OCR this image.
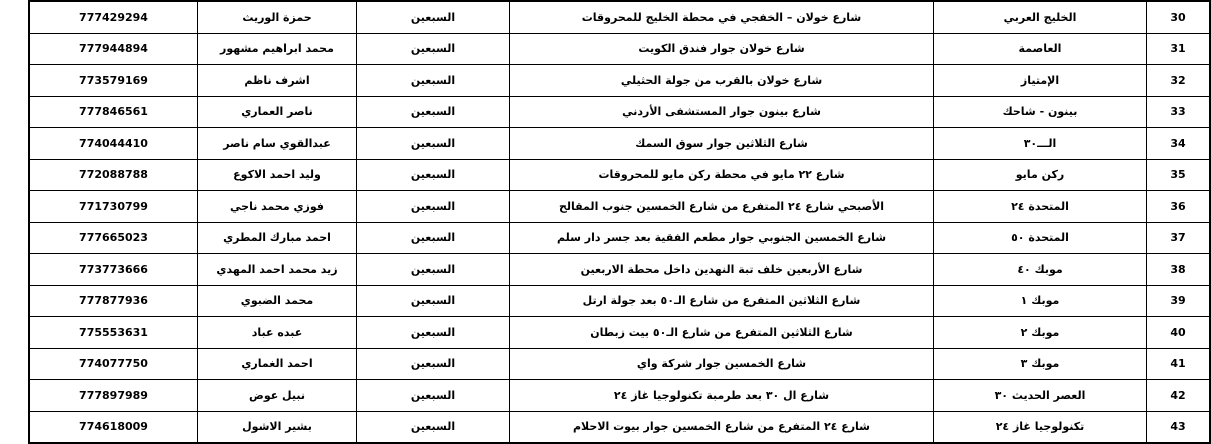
30	الخليج العربي	شارع خولان – الخفجي في محطة الخليج للمحروقات	السبعين	حمزة الوريث	777429294
31	العاصمة	شارع خولان جوار فندق الكويت	السبعين	محمد ابراهيم مشهور	777944894
32	الإمتياز	شارع خولان بالقرب من جولة الحثيلي	السبعين	اشرف ناظم	773579169
33	بينون - شاحك	شارع بينون جوار المستشفى الأردني	السبعين	ناصر العماري	777846561
34	الـــ٣٠	شارع الثلاثين جوار سوق السمك	السبعين	عبدالقوي سام ناصر	774044410
35	ركن مايو	شارع ٢٢ مايو في محطة ركن مايو للمحروقات	السبعين	وليد احمد الاكوع	772088788
36	المتحدة ٢٤	الأصبحي شارع ٢٤ المتفرع من شارع الخمسين جنوب المقالح	السبعين	فوزي محمد ناجي	771730799
37	المتحدة ٥٠	شارع الخمسين الجنوبي جوار مطعم الفقية بعد جسر دار سلم	السبعين	احمد مبارك المطري	777665023
38	موبك ٤٠	شارع الأربعين خلف تبة النهدين داخل محطة الاربعين	السبعين	زيد محمد احمد المهدي	773773666
39	موبك ١	شارع الثلاثين المتفرع من شارع الـ٥٠ بعد جولة ارتل	السبعين	محمد الضبوي	777877936
40	موبك ٢	شارع الثلاثين المتفرع من شارع الـ٥٠ بيت زبطان	السبعين	عبده عباد	775553631
41	موبك ٣	شارع الخمسين جوار شركة واي	السبعين	احمد الغماري	774077750
42	العصر الحديث ٣٠	شارع ال ٣٠ بعد طرمبة تكنولوجيا غاز ٢٤	السبعين	نبيل عوض	777897989
43	تكنولوجيا غاز ٢٤	شارع ٢٤ المتفرع من شارع الخمسين جوار بيوت الاحلام	السبعين	بشير الاشول	774618009
